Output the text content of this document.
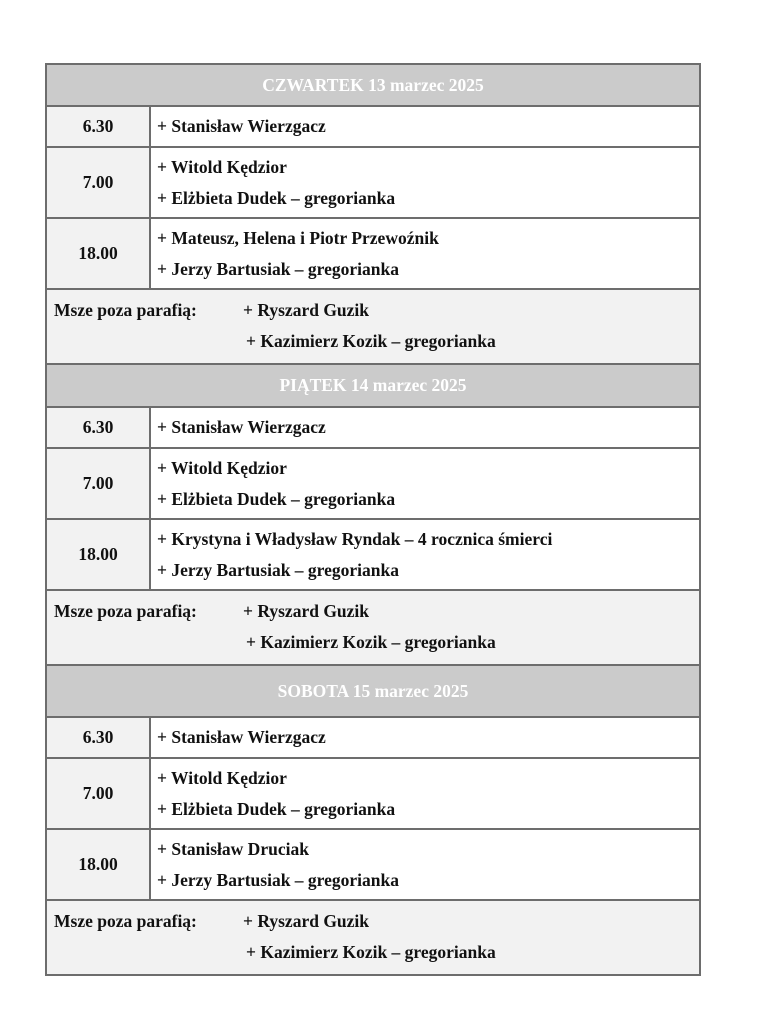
CZWARTEK 13 marzec 2025	
6.30	+ Stanisław Wierzgacz

7.00	+ Witold Kędzior
+ Elżbieta Dudek – gregorianka

18.00	+ Mateusz, Helena i Piotr Przewoźnik
+ Jerzy Bartusiak – gregorianka

Msze poza parafią: + Ryszard Guzik
+ Kazimierz Kozik – gregorianka	

PIĄTEK 14 marzec 2025	
6.30	+ Stanisław Wierzgacz

7.00	+ Witold Kędzior
+ Elżbieta Dudek – gregorianka

18.00	+ Krystyna i Władysław Ryndak – 4 rocznica śmierci
+ Jerzy Bartusiak – gregorianka

Msze poza parafią: + Ryszard Guzik
+ Kazimierz Kozik – gregorianka	

SOBOTA 15 marzec 2025	
6.30	+ Stanisław Wierzgacz

7.00	+ Witold Kędzior
+ Elżbieta Dudek – gregorianka

18.00	+ Stanisław Druciak
+ Jerzy Bartusiak – gregorianka

Msze poza parafią: + Ryszard Guzik
+ Kazimierz Kozik – gregorianka	
